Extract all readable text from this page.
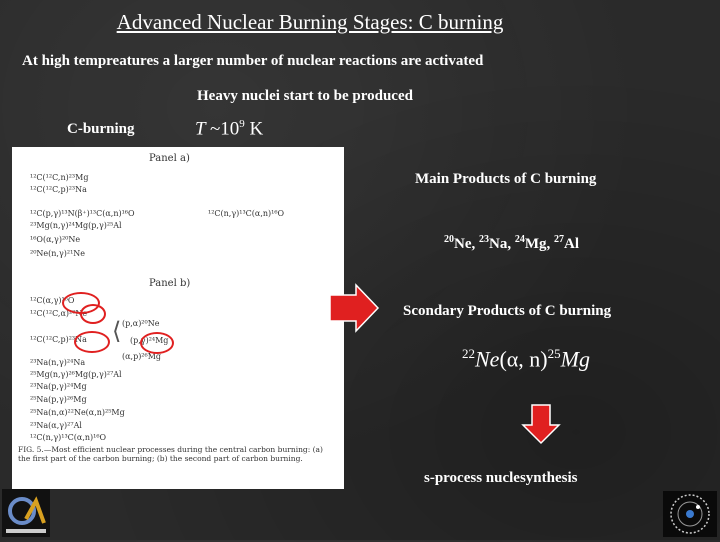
Advanced Nuclear Burning Stages: C burning
At high tempreatures a larger number of nuclear reactions are activated
Heavy nuclei start to be produced
C-burning	T $\sim 10^9$ K
Panel a)
¹²C(¹²C,n)²³Mg
¹²C(¹²C,p)²³Na
¹²C(p,γ)¹³N(β⁺)¹³C(α,n)¹⁶O
²³Mg(n,γ)²⁴Mg(p,γ)²⁵Al
¹⁶O(α,γ)²⁰Ne
²⁰Ne(n,γ)²¹Ne
¹²C(n,γ)¹³C(α,n)¹⁶O
Panel b)
¹²C(α,γ)¹⁶O
¹²C(¹²C,α)²⁰Ne
¹²C(¹²C,p)²³Na
²³Na(n,γ)²⁴Na
²⁵Mg(n,γ)²⁶Mg(p,γ)²⁷Al
²³Na(p,γ)²⁴Mg
²⁵Na(p,γ)²⁶Mg
²⁵Na(n,α)²²Ne(α,n)²⁵Mg
²³Na(α,γ)²⁷Al
¹²C(n,γ)¹³C(α,n)¹⁶O
⟨ (p,α)²⁰Ne
(p,γ)²⁴Mg
(α,p)²⁶Mg
FIG. 5.—Most efficient nuclear processes during the central carbon burning: (a) the first part of the carbon burning; (b) the second part of carbon burning.
Main Products of C burning
$^{20}$Ne, $^{23}$Na, $^{24}$Mg, $^{27}$Al
Scondary Products of C burning
$^{22}$Ne(α, n)$^{25}$Mg
s-process nuclesynthesis
